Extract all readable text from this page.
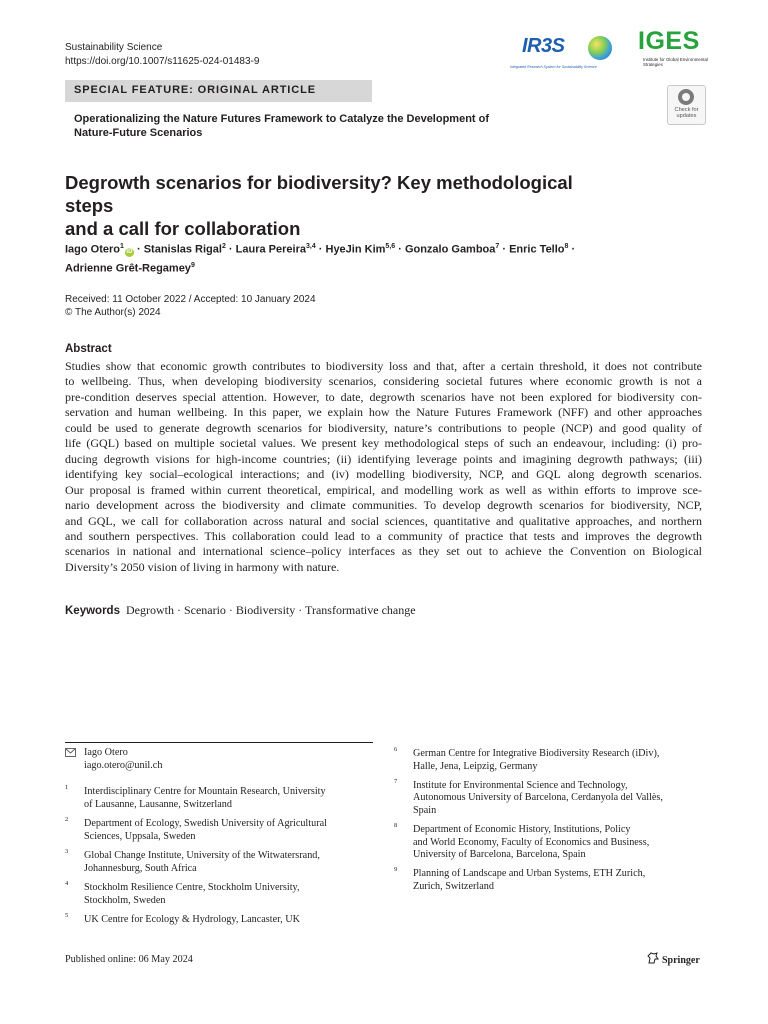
Sustainability Science
https://doi.org/10.1007/s11625-024-01483-9
IR3S
Integrated Research System for Sustainability Science
IGES
Institute for Global Environmental Strategies
SPECIAL FEATURE: ORIGINAL ARTICLE
Check for
updates
Operationalizing the Nature Futures Framework to Catalyze the Development of Nature-Future Scenarios
Degrowth scenarios for biodiversity? Key methodological steps
and a call for collaboration
Iago Otero$^1$iD · Stanislas Rigal$^2$ · Laura Pereira$^{3,4}$ · HyeJin Kim$^{5,6}$ · Gonzalo Gamboa$^7$ · Enric Tello$^8$ ·
Adrienne Grêt-Regamey$^9$
Received: 11 October 2022 / Accepted: 10 January 2024
© The Author(s) 2024
Abstract
Studies show that economic growth contributes to biodiversity loss and that, after a certain threshold, it does not contribute
to wellbeing. Thus, when developing biodiversity scenarios, considering societal futures where economic growth is not a
pre-condition deserves special attention. However, to date, degrowth scenarios have not been explored for biodiversity con-
servation and human wellbeing. In this paper, we explain how the Nature Futures Framework (NFF) and other approaches
could be used to generate degrowth scenarios for biodiversity, nature’s contributions to people (NCP) and good quality of
life (GQL) based on multiple societal values. We present key methodological steps of such an endeavour, including: (i) pro-
ducing degrowth visions for high-income countries; (ii) identifying leverage points and imagining degrowth pathways; (iii)
identifying key social–ecological interactions; and (iv) modelling biodiversity, NCP, and GQL along degrowth scenarios.
Our proposal is framed within current theoretical, empirical, and modelling work as well as within efforts to improve sce-
nario development across the biodiversity and climate communities. To develop degrowth scenarios for biodiversity, NCP,
and GQL, we call for collaboration across natural and social sciences, quantitative and qualitative approaches, and northern
and southern perspectives. This collaboration could lead to a community of practice that tests and improves the degrowth
scenarios in national and international science–policy interfaces as they set out to achieve the Convention on Biological
Diversity’s 2050 vision of living in harmony with nature.
Keywords Degrowth · Scenario · Biodiversity · Transformative change
Iago Otero
iago.otero@unil.ch
1 Interdisciplinary Centre for Mountain Research, University
of Lausanne, Lausanne, Switzerland
2 Department of Ecology, Swedish University of Agricultural
Sciences, Uppsala, Sweden
3 Global Change Institute, University of the Witwatersrand,
Johannesburg, South Africa
4 Stockholm Resilience Centre, Stockholm University,
Stockholm, Sweden
5 UK Centre for Ecology & Hydrology, Lancaster, UK
6 German Centre for Integrative Biodiversity Research (iDiv),
Halle, Jena, Leipzig, Germany
7 Institute for Environmental Science and Technology,
Autonomous University of Barcelona, Cerdanyola del Vallès,
Spain
8 Department of Economic History, Institutions, Policy
and World Economy, Faculty of Economics and Business,
University of Barcelona, Barcelona, Spain
9 Planning of Landscape and Urban Systems, ETH Zurich,
Zurich, Switzerland
Published online: 06 May 2024	Springer
